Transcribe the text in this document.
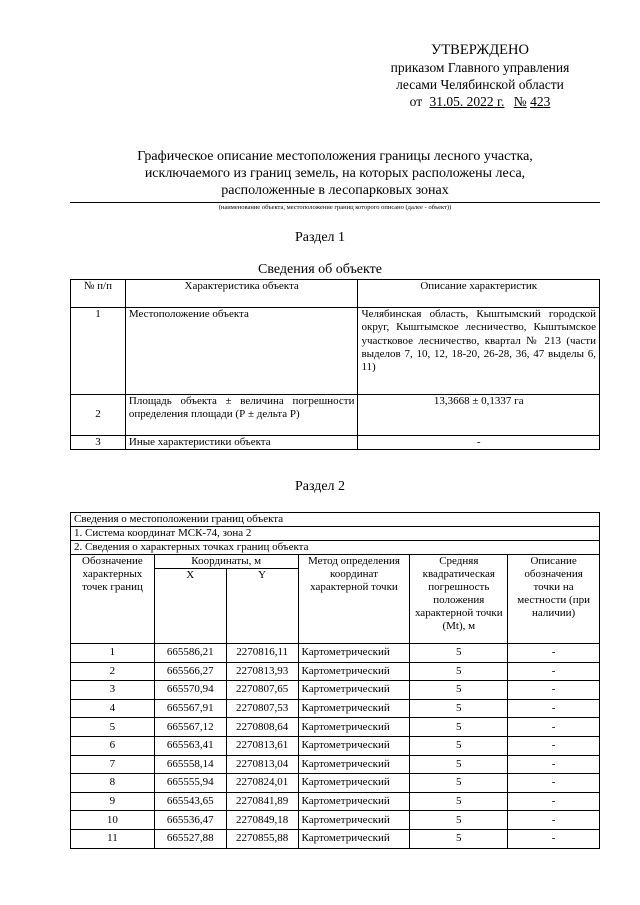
УТВЕРЖДЕНО
приказом Главного управления
лесами Челябинской области
от 31.05. 2022 г. № 423
Графическое описание местоположения границы лесного участка,
исключаемого из границ земель, на которых расположены леса,
расположенные в лесопарковых зонах
(наименование объекта, местоположение границ которого описано (далее - объект))
Раздел 1
Сведения об объекте
№ п/п	Характеристика объекта	Описание характеристик
1	Местоположение объекта	Челябинская область, Кыштымский городской округ, Кыштымское лесничество, Кыштымское участковое лесничество, квартал № 213 (части выделов 7, 10, 12, 18-20, 26-28, 36, 47 выделы 6, 11)
2	Площадь объекта ± величина погрешности определения площади (Р ± дельта Р)	13,3668 ± 0,1337 га
3	Иные характеристики объекта	-
Раздел 2
Сведения о местоположении границ объекта					
1. Система координат МСК-74, зона 2					
2. Сведения о характерных точках границ объекта					
Обозначение характерных точек границ	Координаты, м		Метод определения координат характерной точки	Средняя квадратическая погрешность положения характерной точки (Mt), м	Описание обозначения точки на местности (при наличии)
	X	Y			
1	665586,21	2270816,11	Картометрический	5	-
2	665566,27	2270813,93	Картометрический	5	-
3	665570,94	2270807,65	Картометрический	5	-
4	665567,91	2270807,53	Картометрический	5	-
5	665567,12	2270808,64	Картометрический	5	-
6	665563,41	2270813,61	Картометрический	5	-
7	665558,14	2270813,04	Картометрический	5	-
8	665555,94	2270824,01	Картометрический	5	-
9	665543,65	2270841,89	Картометрический	5	-
10	665536,47	2270849,18	Картометрический	5	-
11	665527,88	2270855,88	Картометрический	5	-
